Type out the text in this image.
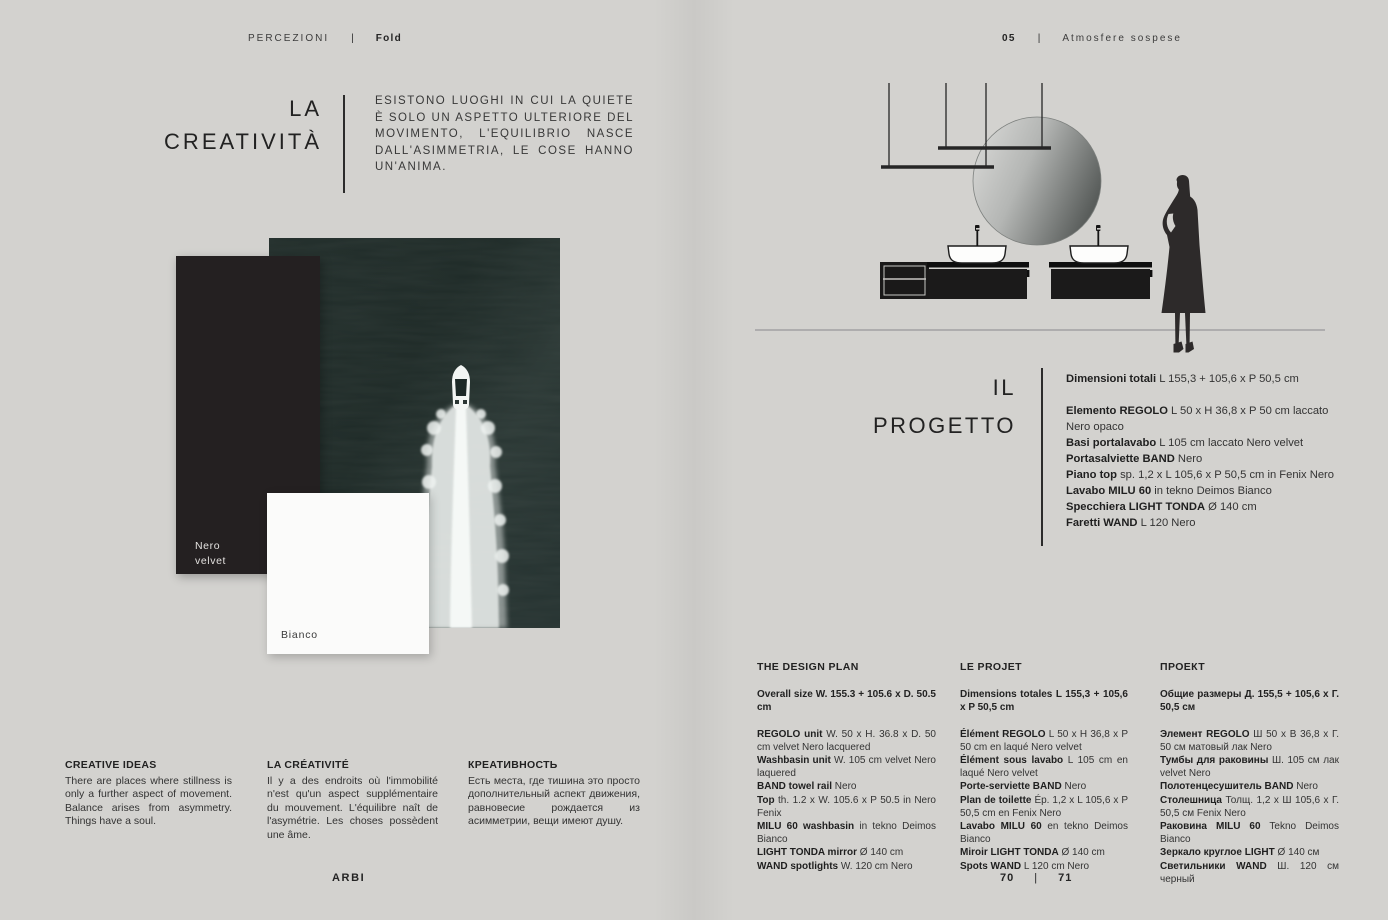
PERCEZIONI | Fold
LA
CREATIVITÀ
ESISTONO LUOGHI IN CUI LA QUIETE È SOLO UN ASPETTO ULTERIORE DEL MOVIMENTO, L'EQUILIBRIO NASCE DALL'ASIMMETRIA, LE COSE HANNO UN'ANIMA.
Nero
velvet
Bianco
CREATIVE IDEAS
There are places where stillness is only a further aspect of movement. Balance arises from asymmetry. Things have a soul.
LA CRÉATIVITÉ
Il y a des endroits où l'immobilité n'est qu'un aspect supplémentaire du mouvement. L'équilibre naît de l'asymétrie. Les choses possèdent une âme.
КРЕАТИВНОСТЬ
Есть места, где тишина это просто дополнительный аспект движения, равновесие рождается из асимметрии, вещи имеют душу.
ARBI
05 | Atmosfere sospese
IL
PROGETTO
Dimensioni totali L 155,3 + 105,6 x P 50,5 cm
Elemento REGOLO L 50 x H 36,8 x P 50 cm laccato Nero opaco
Basi portalavabo L 105 cm laccato Nero velvet
Portasalviette BAND Nero
Piano top sp. 1,2 x L 105,6 x P 50,5 cm in Fenix Nero
Lavabo MILU 60 in tekno Deimos Bianco
Specchiera LIGHT TONDA Ø 140 cm
Faretti WAND L 120 Nero
THE DESIGN PLAN
Overall size W. 155.3 + 105.6 x D. 50.5 cm
REGOLO unit W. 50 x H. 36.8 x D. 50 cm velvet Nero lacquered
Washbasin unit W. 105 cm velvet Nero laquered
BAND towel rail Nero
Top th. 1.2 x W. 105.6 x P 50.5 in Nero Fenix
MILU 60 washbasin in tekno Deimos Bianco
LIGHT TONDA mirror Ø 140 cm
WAND spotlights W. 120 cm Nero
LE PROJET
Dimensions totales L 155,3 + 105,6 x P 50,5 cm
Élément REGOLO L 50 x H 36,8 x P 50 cm en laqué Nero velvet
Élément sous lavabo L 105 cm en laqué Nero velvet
Porte-serviette BAND Nero
Plan de toilette Ép. 1,2 x L 105,6 x P 50,5 cm en Fenix Nero
Lavabo MILU 60 en tekno Deimos Bianco
Miroir LIGHT TONDA Ø 140 cm
Spots WAND L 120 cm Nero
ПРОЕКТ
Общие размеры Д. 155,5 + 105,6 х Г. 50,5 см
Элемент REGOLO Ш 50 х В 36,8 х Г. 50 см матовый лак Nero
Тумбы для раковины Ш. 105 см лак velvet Nero
Полотенцесушитель BAND Nero
Столешница Толщ. 1,2 х Ш 105,6 х Г. 50,5 см Fenix Nero
Раковина MILU 60 Tekno Deimos Bianco
Зеркало круглое LIGHT Ø 140 см
Светильники WAND Ш. 120 см черный
70 | 71
